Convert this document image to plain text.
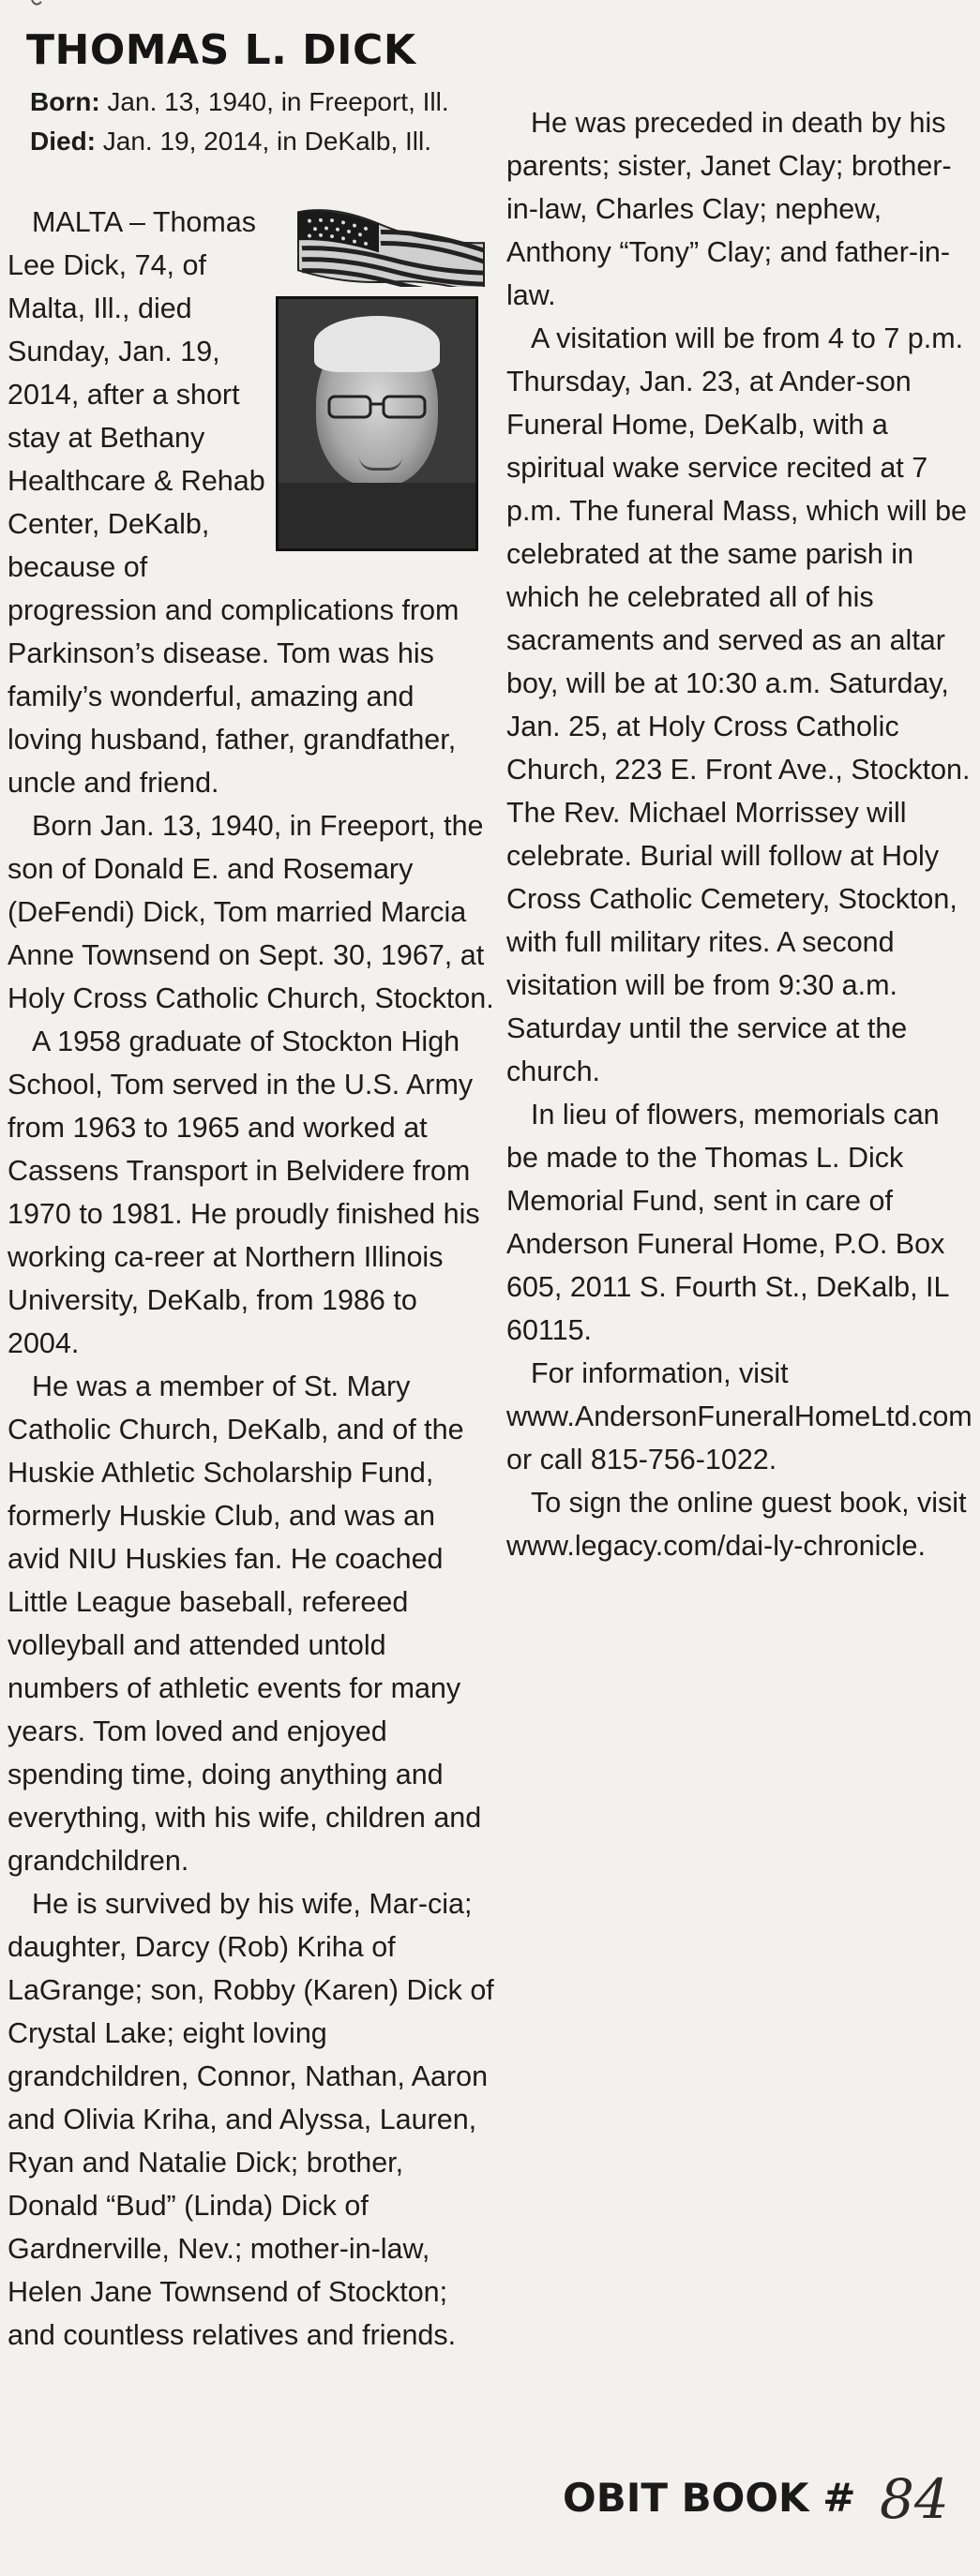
THOMAS L. DICK
Born: Jan. 13, 1940, in Freeport, Ill.
Died: Jan. 19, 2014, in DeKalb, Ill.

MALTA – Thomas Lee Dick, 74, of Malta, Ill., died Sunday, Jan. 19, 2014, after a short stay at Bethany Healthcare & Rehab Center, DeKalb, because of progression and complications from Parkinson’s disease. Tom was his family’s wonderful, amazing and loving husband, father, grandfather, uncle and friend.

Born Jan. 13, 1940, in Freeport, the son of Donald E. and Rosemary (DeFendi) Dick, Tom married Marcia Anne Townsend on Sept. 30, 1967, at Holy Cross Catholic Church, Stockton.

A 1958 graduate of Stockton High School, Tom served in the U.S. Army from 1963 to 1965 and worked at Cassens Transport in Belvidere from 1970 to 1981. He proudly finished his working ca-reer at Northern Illinois University, DeKalb, from 1986 to 2004.

He was a member of St. Mary Catholic Church, DeKalb, and of the Huskie Athletic Scholarship Fund, formerly Huskie Club, and was an avid NIU Huskies fan. He coached Little League baseball, refereed volleyball and attended untold numbers of athletic events for many years. Tom loved and enjoyed spending time, doing anything and everything, with his wife, children and grandchildren.

He is survived by his wife, Mar-cia; daughter, Darcy (Rob) Kriha of LaGrange; son, Robby (Karen) Dick of Crystal Lake; eight loving grandchildren, Connor, Nathan, Aaron and Olivia Kriha, and Alyssa, Lauren, Ryan and Natalie Dick; brother, Donald “Bud” (Linda) Dick of Gardnerville, Nev.; mother-in-law, Helen Jane Townsend of Stockton; and countless relatives and friends.

He was preceded in death by his parents; sister, Janet Clay; brother-in-law, Charles Clay; nephew, Anthony “Tony” Clay; and father-in-law.

A visitation will be from 4 to 7 p.m. Thursday, Jan. 23, at Ander-son Funeral Home, DeKalb, with a spiritual wake service recited at 7 p.m. The funeral Mass, which will be celebrated at the same parish in which he celebrated all of his sacraments and served as an altar boy, will be at 10:30 a.m. Saturday, Jan. 25, at Holy Cross Catholic Church, 223 E. Front Ave., Stockton. The Rev. Michael Morrissey will celebrate. Burial will follow at Holy Cross Catholic Cemetery, Stockton, with full military rites. A second visitation will be from 9:30 a.m. Saturday until the service at the church.

In lieu of flowers, memorials can be made to the Thomas L. Dick Memorial Fund, sent in care of Anderson Funeral Home, P.O. Box 605, 2011 S. Fourth St., DeKalb, IL 60115.

For information, visit www.AndersonFuneralHomeLtd.com or call 815-756-1022.

To sign the online guest book, visit www.legacy.com/dai-ly-chronicle.

OBIT BOOK # 84
